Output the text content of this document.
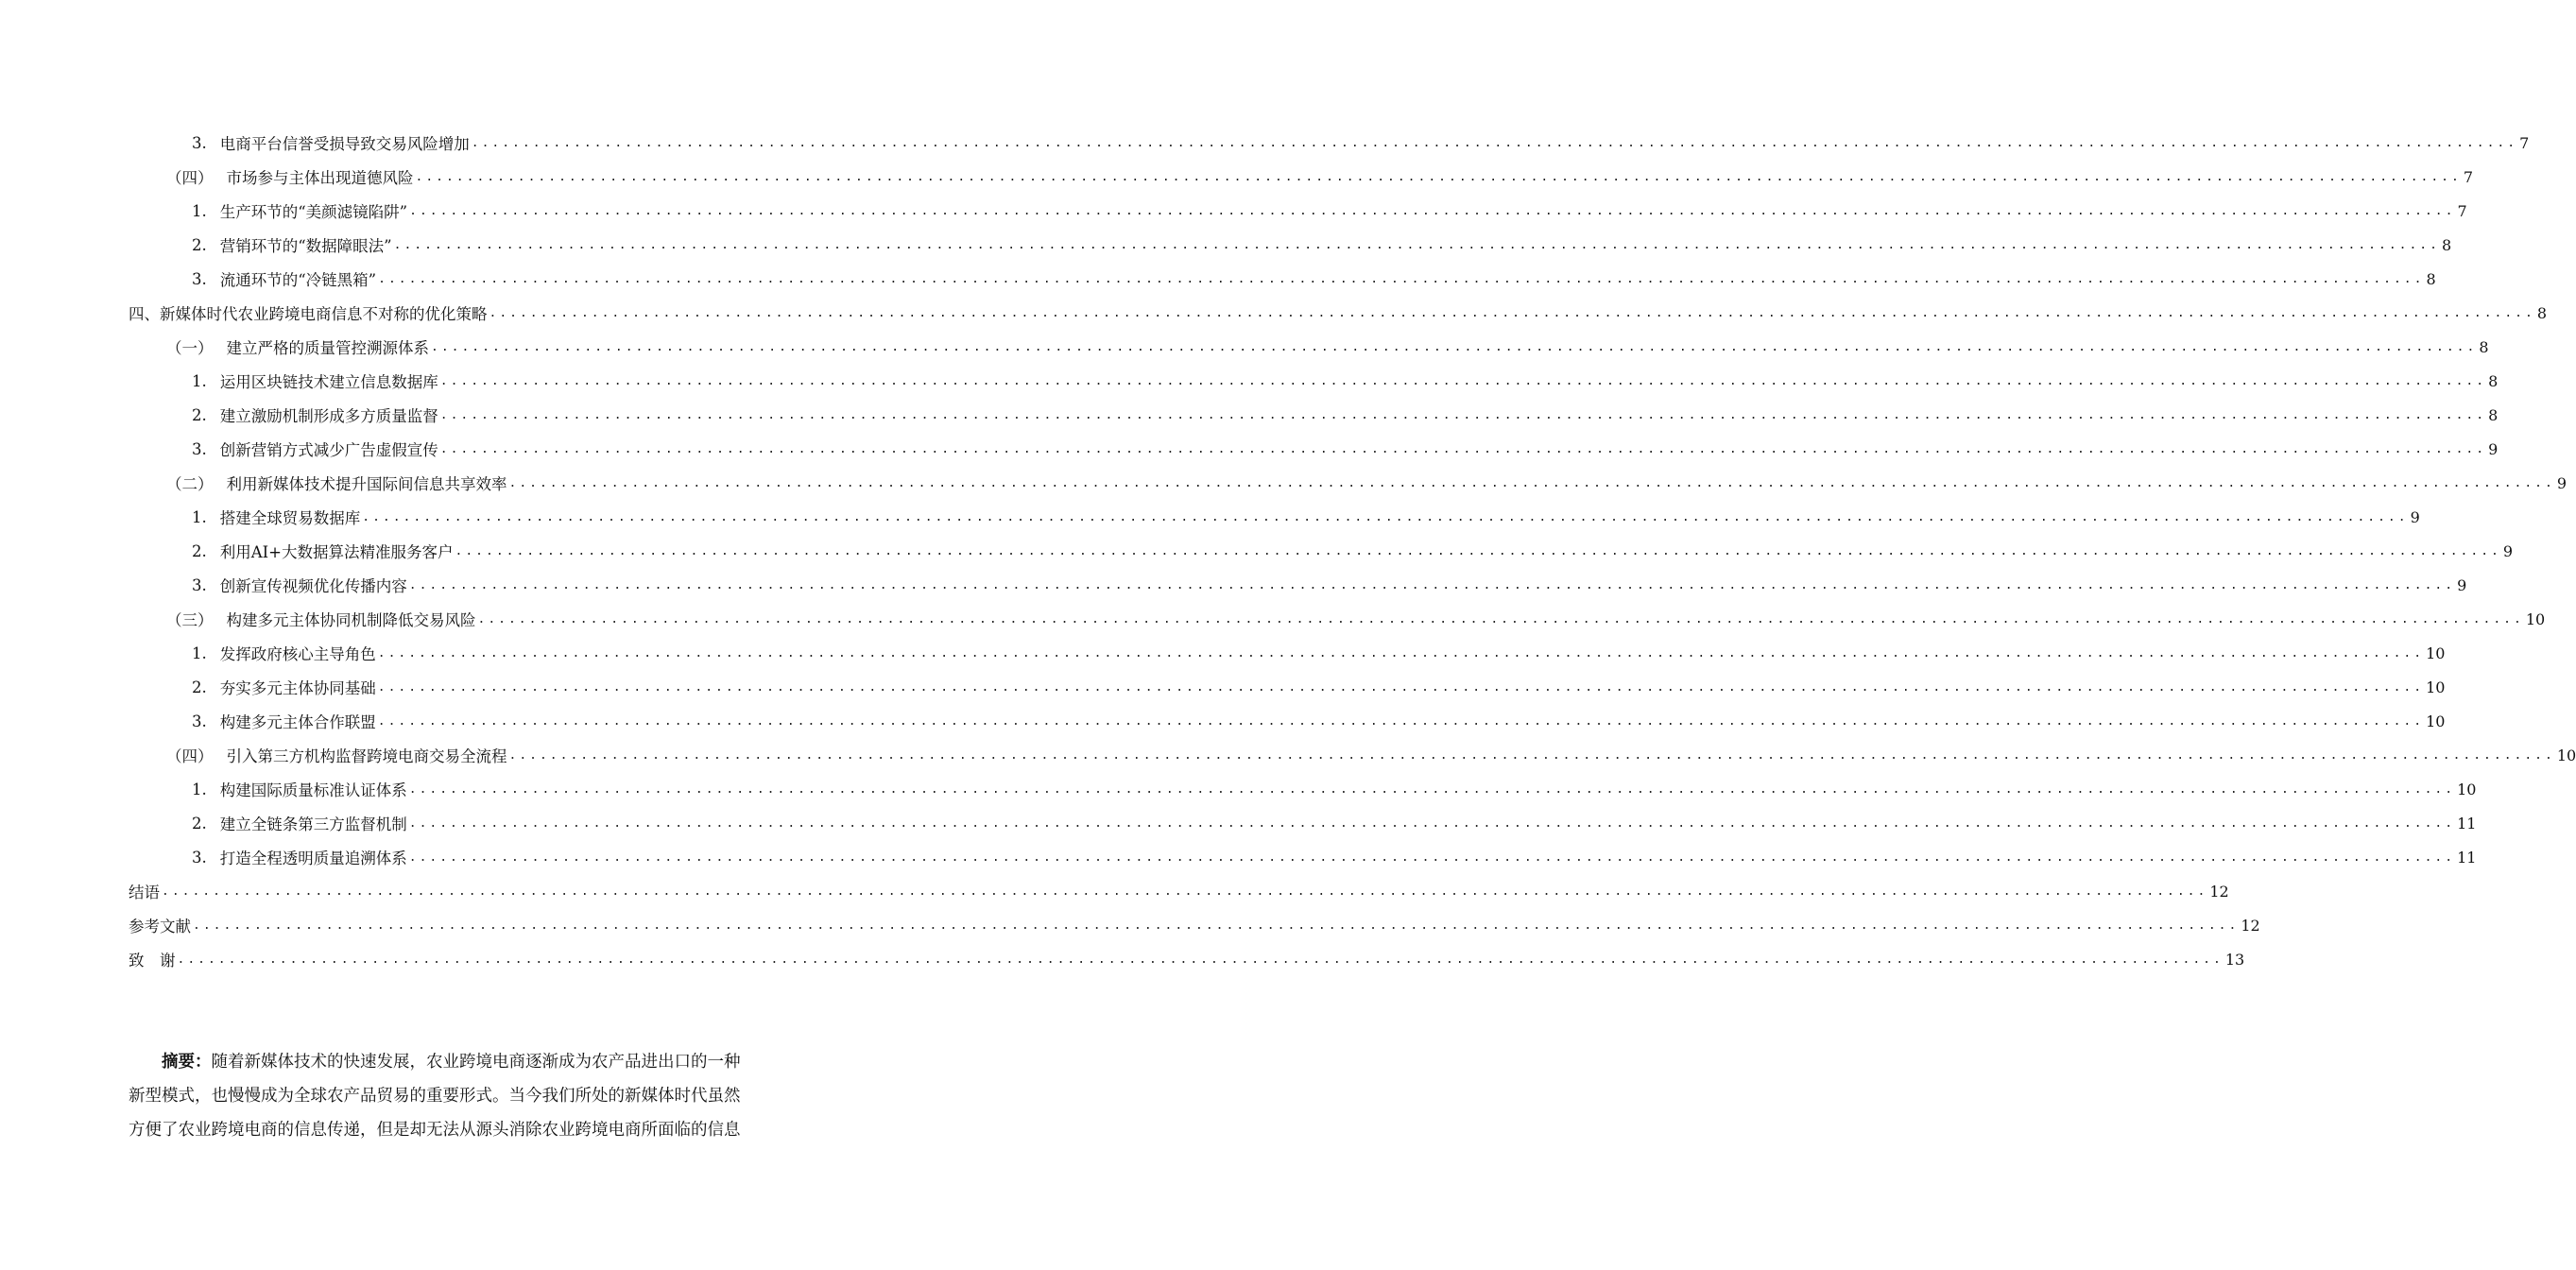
3. 电商平台信誉受损导致交易风险增加 ........................................................................................................................................................................................................ 7
（四） 市场参与主体出现道德风险 ........................................................................................................................................................................................................ 7
1. 生产环节的“美颜滤镜陷阱” ........................................................................................................................................................................................................ 7
2. 营销环节的“数据障眼法” ........................................................................................................................................................................................................ 8
3. 流通环节的“冷链黑箱” ........................................................................................................................................................................................................ 8
四、新媒体时代农业跨境电商信息不对称的优化策略 ........................................................................................................................................................................................................ 8
（一） 建立严格的质量管控溯源体系 ........................................................................................................................................................................................................ 8
1. 运用区块链技术建立信息数据库 ........................................................................................................................................................................................................ 8
2. 建立激励机制形成多方质量监督 ........................................................................................................................................................................................................ 8
3. 创新营销方式减少广告虚假宣传 ........................................................................................................................................................................................................ 9
（二） 利用新媒体技术提升国际间信息共享效率 ........................................................................................................................................................................................................ 9
1. 搭建全球贸易数据库 ........................................................................................................................................................................................................ 9
2. 利用AI+大数据算法精准服务客户 ........................................................................................................................................................................................................ 9
3. 创新宣传视频优化传播内容 ........................................................................................................................................................................................................ 9
（三） 构建多元主体协同机制降低交易风险 ........................................................................................................................................................................................................ 10
1. 发挥政府核心主导角色 ........................................................................................................................................................................................................ 10
2. 夯实多元主体协同基础 ........................................................................................................................................................................................................ 10
3. 构建多元主体合作联盟 ........................................................................................................................................................................................................ 10
（四） 引入第三方机构监督跨境电商交易全流程 ........................................................................................................................................................................................................ 10
1. 构建国际质量标准认证体系 ........................................................................................................................................................................................................ 10
2. 建立全链条第三方监督机制 ........................................................................................................................................................................................................ 11
3. 打造全程透明质量追溯体系 ........................................................................................................................................................................................................ 11
结语 ........................................................................................................................................................................................................ 12
参考文献 ........................................................................................................................................................................................................ 12
致　谢 ........................................................................................................................................................................................................ 13

摘要：随着新媒体技术的快速发展，农业跨境电商逐渐成为农产品进出口的一种
新型模式，也慢慢成为全球农产品贸易的重要形式。当今我们所处的新媒体时代虽然
方便了农业跨境电商的信息传递，但是却无法从源头消除农业跨境电商所面临的信息
